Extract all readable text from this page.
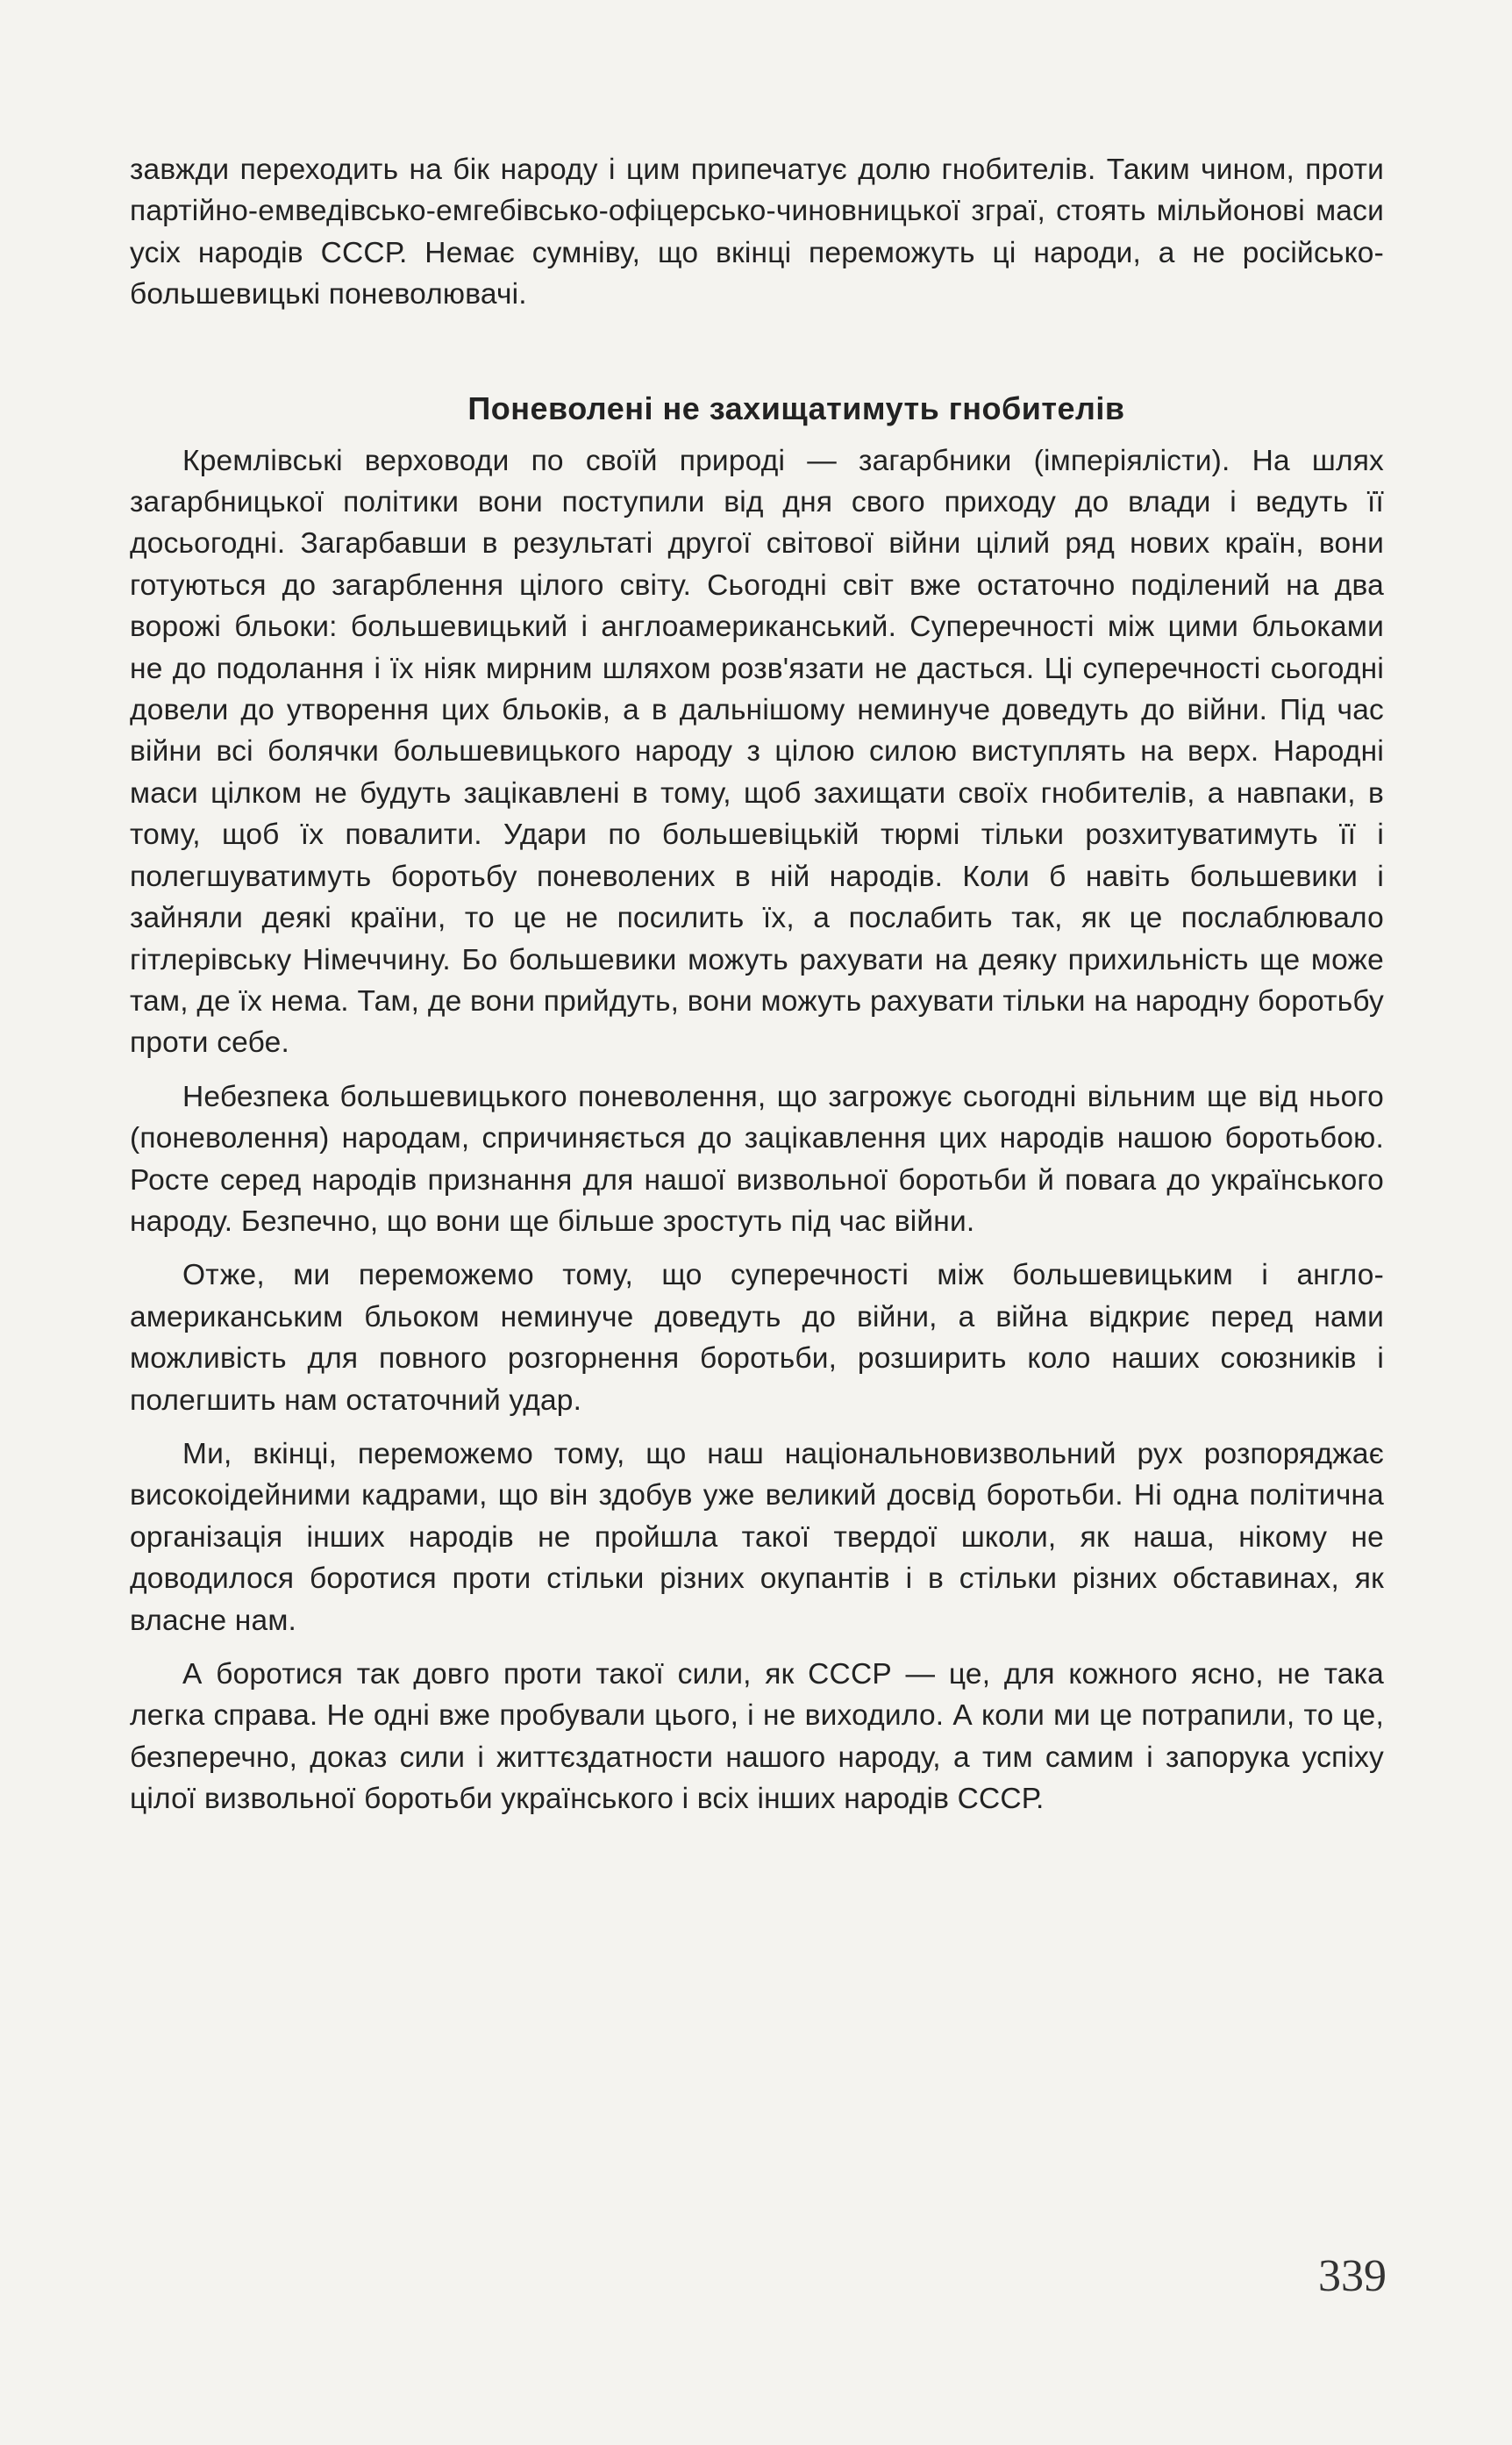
завжди переходить на бік народу і цим припечатує долю гнобителів. Таким чином, проти партійно-емведівсько-емгебівсько-офіцерсько-чиновницької зграї, стоять мільйонові маси усіх народів СССР. Немає сумніву, що вкінці переможуть ці народи, а не російсько-большевицькі поневолювачі.

Поневолені не захищатимуть гнобителів

Кремлівські верховоди по своїй природі — загарбники (імперіялісти). На шлях загарбницької політики вони поступили від дня свого приходу до влади і ведуть її досьогодні. Загарбавши в результаті другої світової війни цілий ряд нових країн, вони готуються до загарблення цілого світу. Сьогодні світ вже остаточно поділений на два ворожі бльоки: большевицький і англоамериканський. Суперечності між цими бльоками не до подолання і їх ніяк мирним шляхом розв'язати не дасться. Ці суперечності сьогодні довели до утворення цих бльоків, а в дальнішому неминуче доведуть до війни. Під час війни всі болячки большевицького народу з цілою силою виступлять на верх. Народні маси цілком не будуть зацікавлені в тому, щоб захищати своїх гнобителів, а навпаки, в тому, щоб їх повалити. Удари по большевіцькій тюрмі тільки розхитуватимуть її і полегшуватимуть боротьбу поневолених в ній народів. Коли б навіть большевики і зайняли деякі країни, то це не посилить їх, а послабить так, як це послаблювало гітлерівську Німеччину. Бо большевики можуть рахувати на деяку прихильність ще може там, де їх нема. Там, де вони прийдуть, вони можуть рахувати тільки на народну боротьбу проти себе.

Небезпека большевицького поневолення, що загрожує сьогодні вільним ще від нього (поневолення) народам, спричиняється до зацікавлення цих народів нашою боротьбою. Росте серед народів признання для нашої визвольної боротьби й повага до українського народу. Безпечно, що вони ще більше зростуть під час війни.

Отже, ми переможемо тому, що суперечності між большевицьким і англо-американським бльоком неминуче доведуть до війни, а війна відкриє перед нами можливість для повного розгорнення боротьби, розширить коло наших союзників і полегшить нам остаточний удар.

Ми, вкінці, переможемо тому, що наш національновизвольний рух розпоряджає високоідейними кадрами, що він здобув уже великий досвід боротьби. Ні одна політична організація інших народів не пройшла такої твердої школи, як наша, нікому не доводилося боротися проти стільки різних окупантів і в стільки різних обставинах, як власне нам.

А боротися так довго проти такої сили, як СССР — це, для кожного ясно, не така легка справа. Не одні вже пробували цього, і не виходило. А коли ми це потрапили, то це, безперечно, доказ сили і життєздатности нашого народу, а тим самим і запорука успіху цілої визвольної боротьби українського і всіх інших народів СССР.

339
